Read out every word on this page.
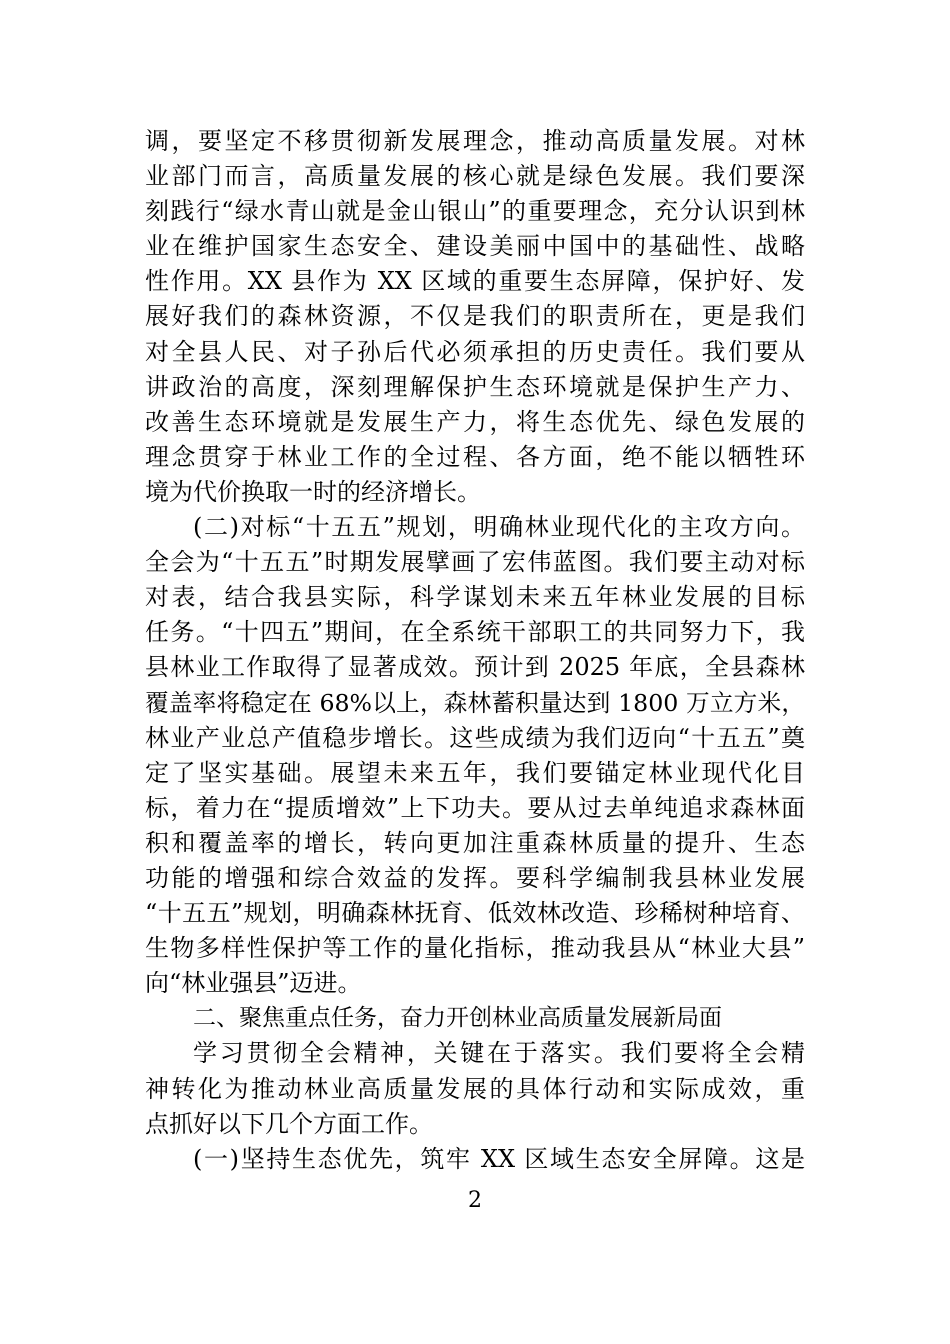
调，要坚定不移贯彻新发展理念，推动高质量发展。对林
业部门而言，高质量发展的核心就是绿色发展。我们要深
刻践行“绿水青山就是金山银山”的重要理念，充分认识到林
业在维护国家生态安全、建设美丽中国中的基础性、战略
性作用。XX 县作为 XX 区域的重要生态屏障，保护好、发
展好我们的森林资源，不仅是我们的职责所在，更是我们
对全县人民、对子孙后代必须承担的历史责任。我们要从
讲政治的高度，深刻理解保护生态环境就是保护生产力、
改善生态环境就是发展生产力，将生态优先、绿色发展的
理念贯穿于林业工作的全过程、各方面，绝不能以牺牲环
境为代价换取一时的经济增长。
(二)对标“十五五”规划，明确林业现代化的主攻方向。
全会为“十五五”时期发展擘画了宏伟蓝图。我们要主动对标
对表，结合我县实际，科学谋划未来五年林业发展的目标
任务。“十四五”期间，在全系统干部职工的共同努力下，我
县林业工作取得了显著成效。预计到 2025 年底，全县森林
覆盖率将稳定在 68%以上，森林蓄积量达到 1800 万立方米，
林业产业总产值稳步增长。这些成绩为我们迈向“十五五”奠
定了坚实基础。展望未来五年，我们要锚定林业现代化目
标，着力在“提质增效”上下功夫。要从过去单纯追求森林面
积和覆盖率的增长，转向更加注重森林质量的提升、生态
功能的增强和综合效益的发挥。要科学编制我县林业发展
“十五五”规划，明确森林抚育、低效林改造、珍稀树种培育、
生物多样性保护等工作的量化指标，推动我县从“林业大县”
向“林业强县”迈进。
二、聚焦重点任务，奋力开创林业高质量发展新局面
学习贯彻全会精神，关键在于落实。我们要将全会精
神转化为推动林业高质量发展的具体行动和实际成效，重
点抓好以下几个方面工作。
(一)坚持生态优先，筑牢 XX 区域生态安全屏障。这是
2
